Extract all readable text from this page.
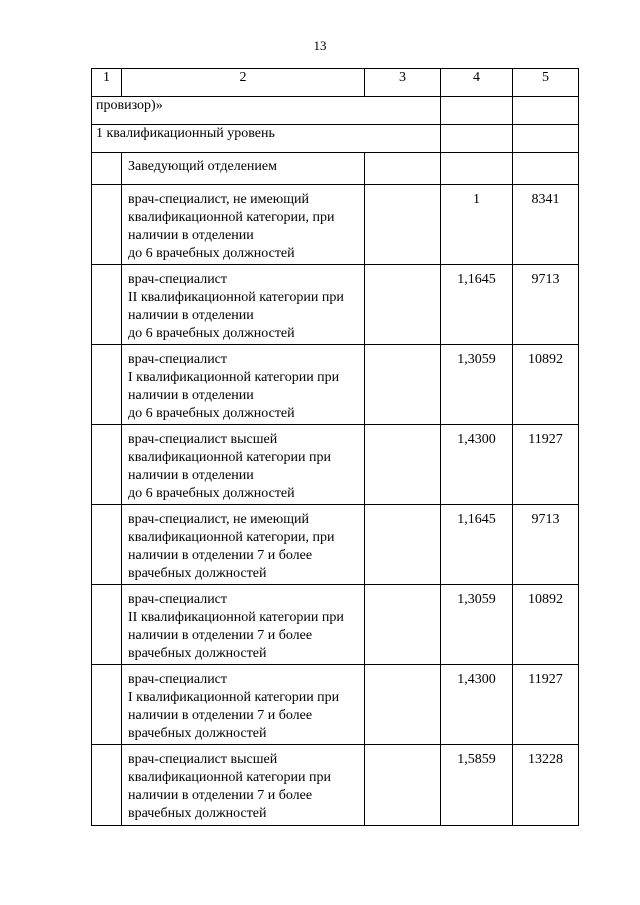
13
1	2	3	4	5
провизор)»				
1 квалификационный уровень				
	Заведующий отделением			

	врач-специалист, не имеющий
квалификационной категории, при
наличии в отделении
до 6 врачебных должностей		1	8341

	врач-специалист
II квалификационной категории при
наличии в отделении
до 6 врачебных должностей		1,1645	9713

	врач-специалист
I квалификационной категории при
наличии в отделении
до 6 врачебных должностей		1,3059	10892

	врач-специалист высшей
квалификационной категории при
наличии в отделении
до 6 врачебных должностей		1,4300	11927

	врач-специалист, не имеющий
квалификационной категории, при
наличии в отделении 7 и более
врачебных должностей		1,1645	9713

	врач-специалист
II квалификационной категории при
наличии в отделении 7 и более
врачебных должностей		1,3059	10892

	врач-специалист
I квалификационной категории при
наличии в отделении 7 и более
врачебных должностей		1,4300	11927

	врач-специалист высшей
квалификационной категории при
наличии в отделении 7 и более
врачебных должностей		1,5859	13228
